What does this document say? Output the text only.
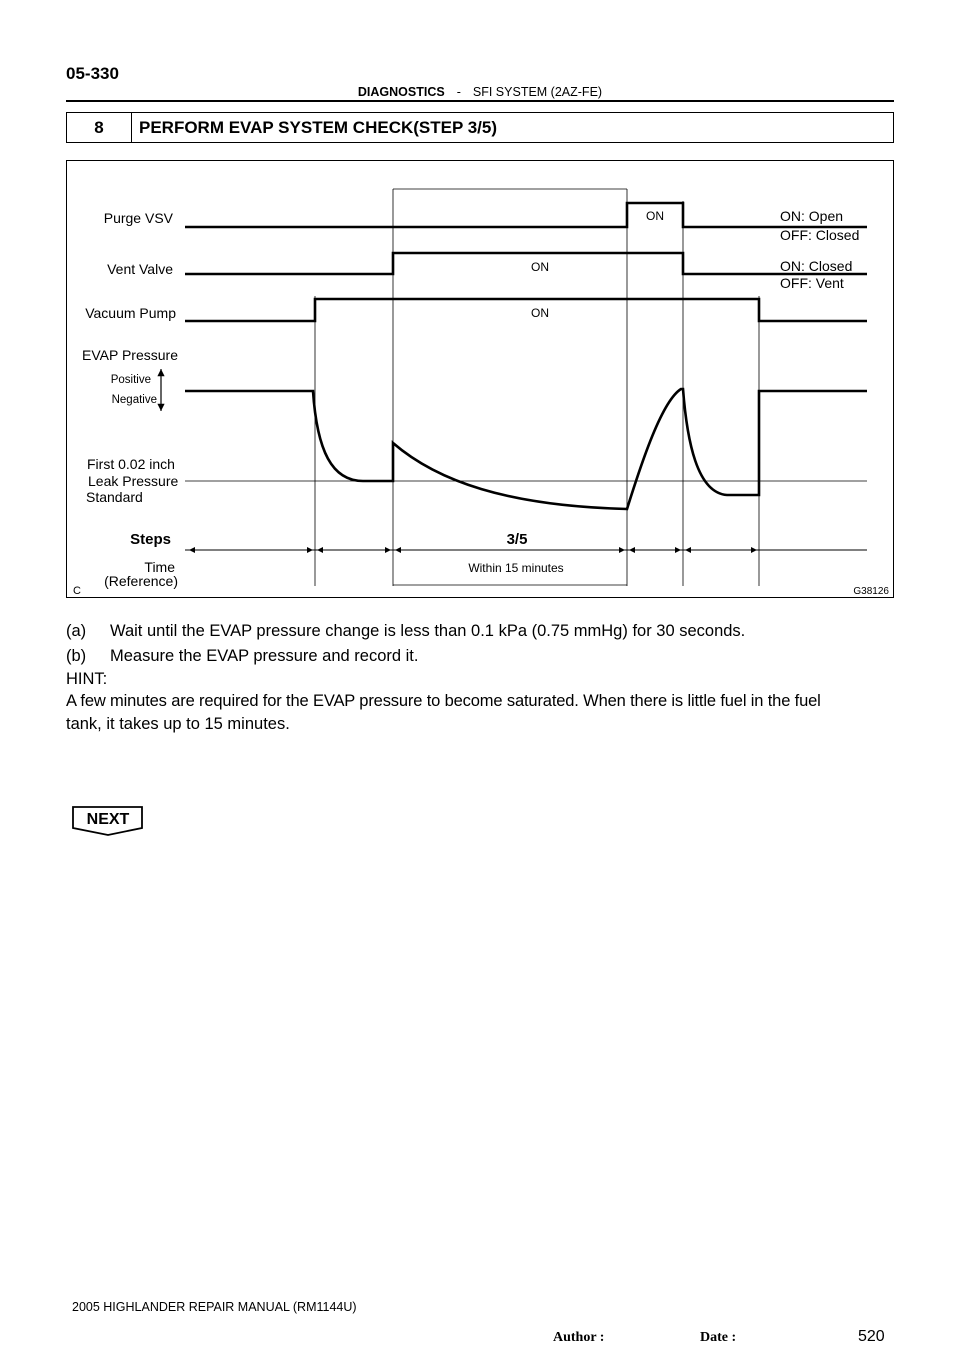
05-330
DIAGNOSTICS - SFI SYSTEM (2AZ-FE)
8	PERFORM EVAP SYSTEM CHECK(STEP 3/5)
Purge VSV
Vent Valve
Vacuum Pump
EVAP Pressure
Positive
Negative
First 0.02 inch
Leak Pressure
Standard
ON
ON
ON
ON: Open
OFF: Closed
ON: Closed
OFF: Vent
Steps	3/5
Time
(Reference)
Within 15 minutes
C	G38126
(a) Wait until the EVAP pressure change is less than 0.1 kPa (0.75 mmHg) for 30 seconds.
(b) Measure the EVAP pressure and record it.
HINT:
A few minutes are required for the EVAP pressure to become saturated. When there is little fuel in the fuel
tank, it takes up to 15 minutes.
NEXT
2005 HIGHLANDER REPAIR MANUAL (RM1144U)
Author :	Date :	520
